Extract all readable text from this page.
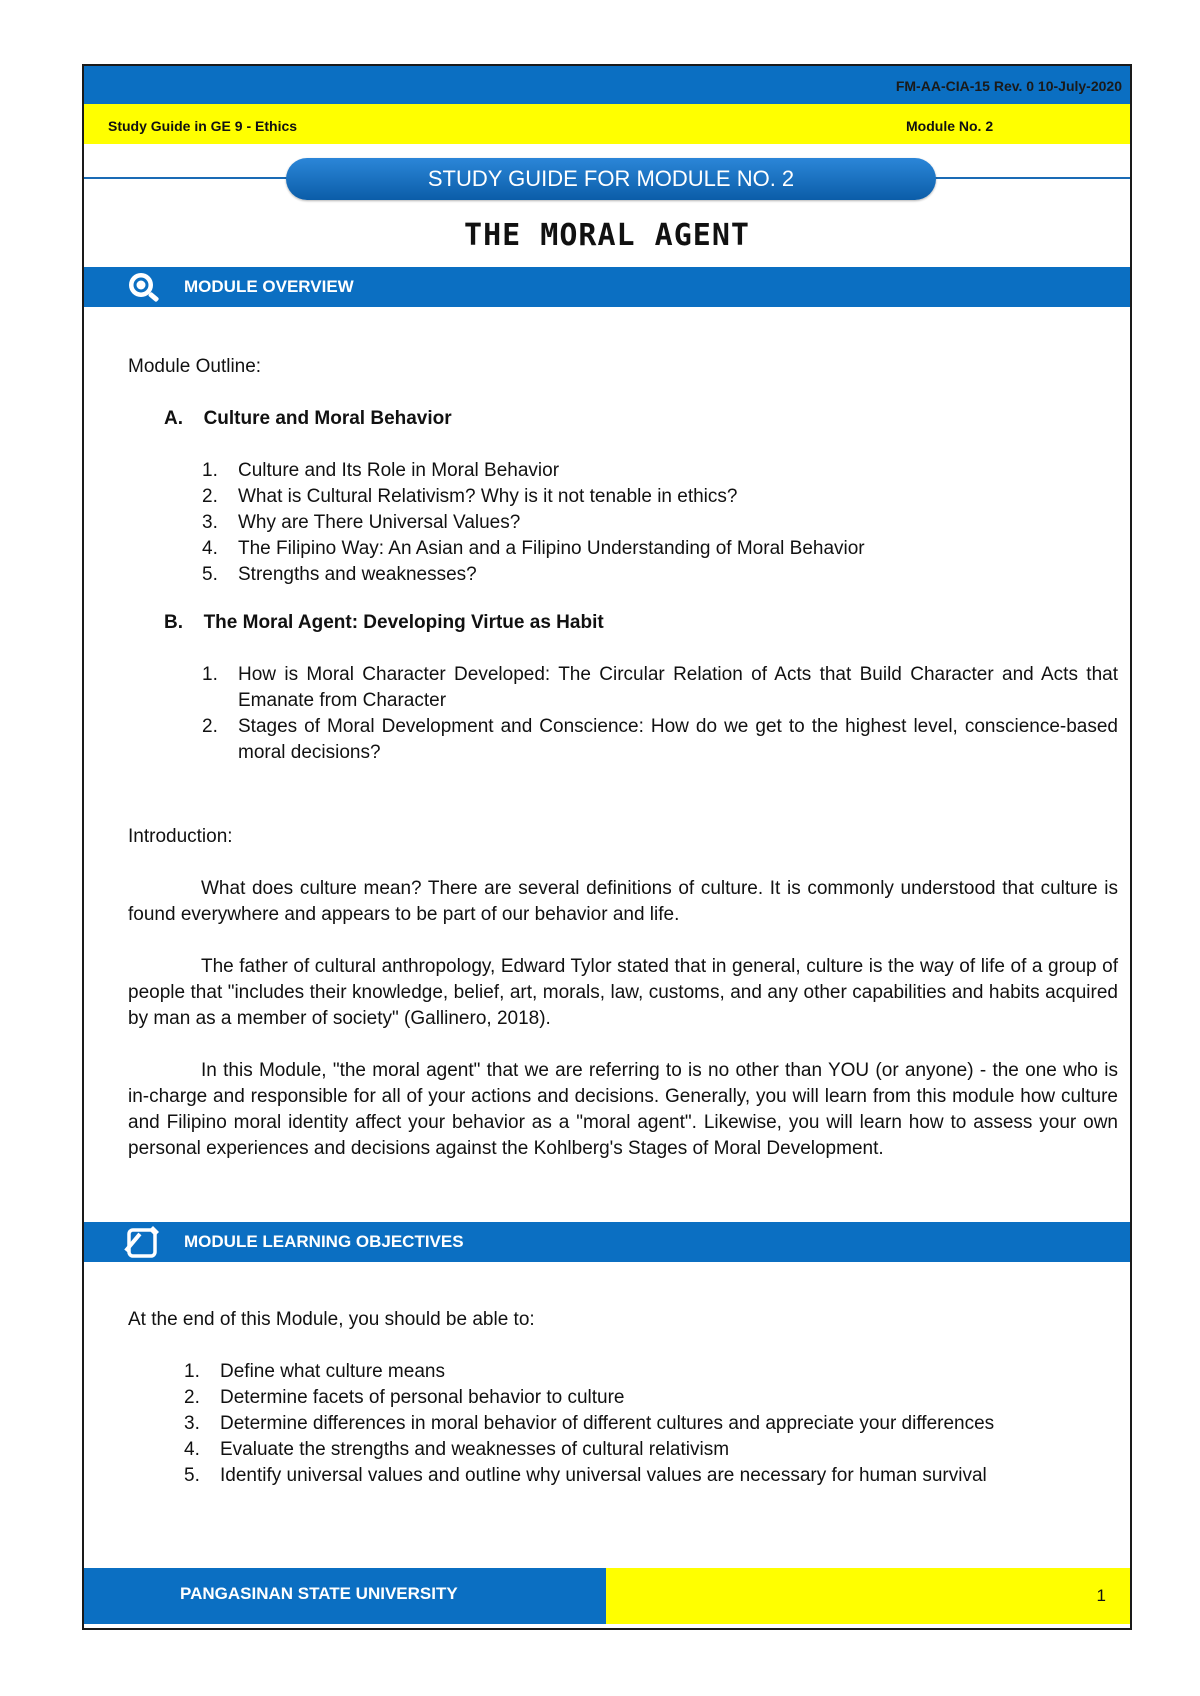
FM-AA-CIA-15 Rev. 0 10-July-2020
Study Guide in GE 9 - Ethics	Module No. 2
STUDY GUIDE FOR MODULE NO. 2
THE MORAL AGENT
MODULE OVERVIEW
Module Outline:
A. Culture and Moral Behavior
1. Culture and Its Role in Moral Behavior
2. What is Cultural Relativism? Why is it not tenable in ethics?
3. Why are There Universal Values?
4. The Filipino Way: An Asian and a Filipino Understanding of Moral Behavior
5. Strengths and weaknesses?
B. The Moral Agent: Developing Virtue as Habit
1. How is Moral Character Developed: The Circular Relation of Acts that Build Character and Acts that Emanate from Character
2. Stages of Moral Development and Conscience: How do we get to the highest level, conscience-based moral decisions?
Introduction:
What does culture mean? There are several definitions of culture. It is commonly understood that culture is found everywhere and appears to be part of our behavior and life.
The father of cultural anthropology, Edward Tylor stated that in general, culture is the way of life of a group of people that "includes their knowledge, belief, art, morals, law, customs, and any other capabilities and habits acquired by man as a member of society" (Gallinero, 2018).
In this Module, "the moral agent" that we are referring to is no other than YOU (or anyone) - the one who is in-charge and responsible for all of your actions and decisions. Generally, you will learn from this module how culture and Filipino moral identity affect your behavior as a "moral agent". Likewise, you will learn how to assess your own personal experiences and decisions against the Kohlberg's Stages of Moral Development.
MODULE LEARNING OBJECTIVES
At the end of this Module, you should be able to:
1. Define what culture means
2. Determine facets of personal behavior to culture
3. Determine differences in moral behavior of different cultures and appreciate your differences
4. Evaluate the strengths and weaknesses of cultural relativism
5. Identify universal values and outline why universal values are necessary for human survival
PANGASINAN STATE UNIVERSITY	1
